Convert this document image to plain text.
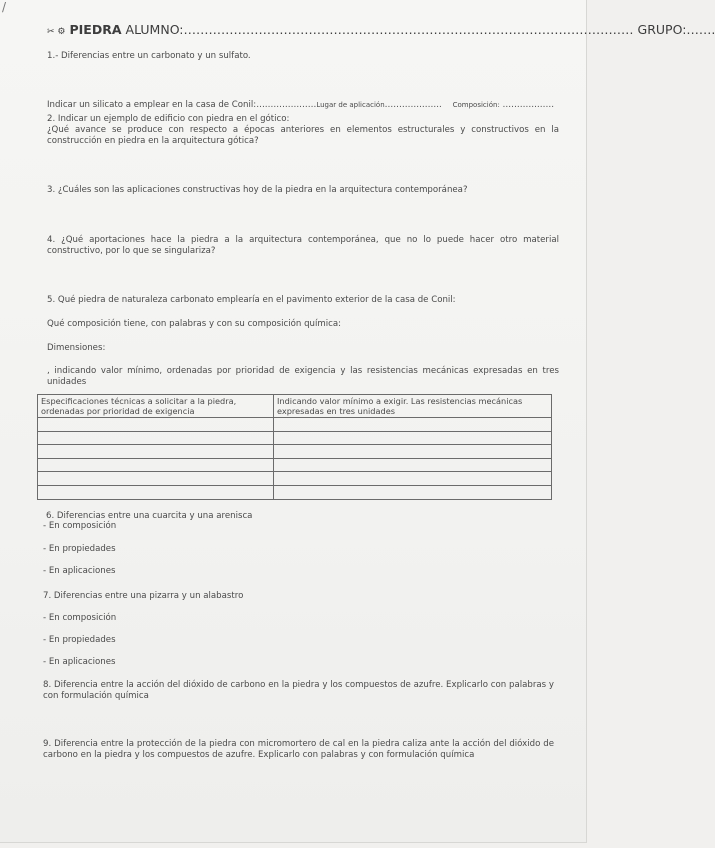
/
✂ ⚙ PIEDRA ALUMNO:……………………………………………………………………………………………… GRUPO:…….
1.- Diferencias entre un carbonato y un sulfato.
Indicar un silicato a emplear en la casa de Conil:…………………Lugar de aplicación……………….. Composición: ………………
2. Indicar un ejemplo de edificio con piedra en el gótico:
¿Qué avance se produce con respecto a épocas anteriores en elementos estructurales y constructivos en la
construcción en piedra en la arquitectura gótica?
3. ¿Cuáles son las aplicaciones constructivas hoy de la piedra en la arquitectura contemporánea?
4. ¿Qué aportaciones hace la piedra a la arquitectura contemporánea, que no lo puede hacer otro material
constructivo, por lo que se singulariza?
5. Qué piedra de naturaleza carbonato emplearía en el pavimento exterior de la casa de Conil:
Qué composición tiene, con palabras y con su composición química:
Dimensiones:
, indicando valor mínimo, ordenadas por prioridad de exigencia y las resistencias mecánicas expresadas en tres
unidades
Especificaciones técnicas a solicitar a la piedra, ordenadas por prioridad de exigencia	Indicando valor mínimo a exigir. Las resistencias mecánicas expresadas en tres unidades

6. Diferencias entre una cuarcita y una arenisca
- En composición
- En propiedades
- En aplicaciones
7. Diferencias entre una pizarra y un alabastro
- En composición
- En propiedades
- En aplicaciones
8. Diferencia entre la acción del dióxido de carbono en la piedra y los compuestos de azufre. Explicarlo con palabras y
con formulación química
9. Diferencia entre la protección de la piedra con micromortero de cal en la piedra caliza ante la acción del dióxido de
carbono en la piedra y los compuestos de azufre. Explicarlo con palabras y con formulación química
